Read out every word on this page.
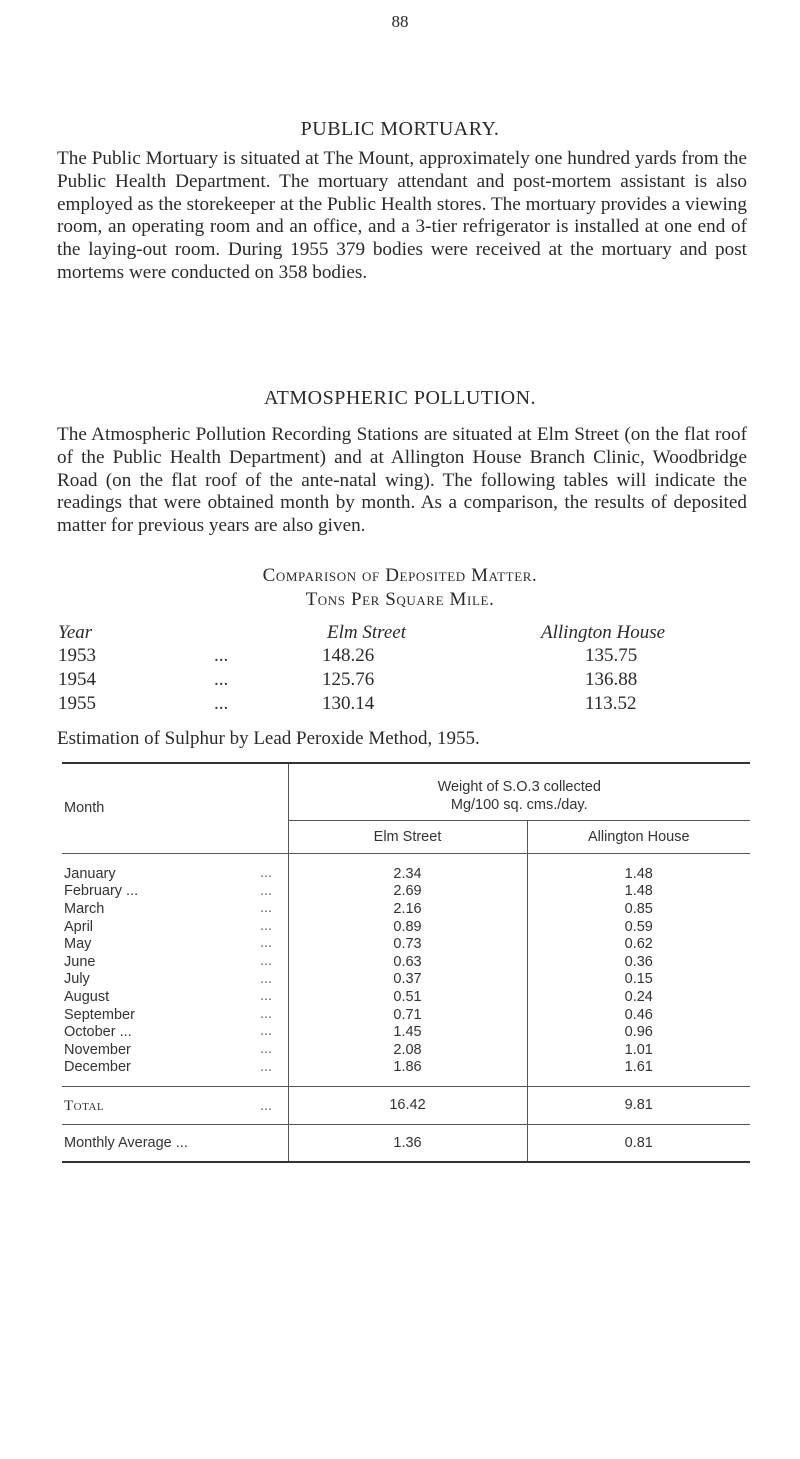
88
PUBLIC MORTUARY.
The Public Mortuary is situated at The Mount, approximately one hundred yards from the Public Health Department. The mortuary attendant and post-mortem assistant is also employed as the storekeeper at the Public Health stores. The mortuary provides a viewing room, an operating room and an office, and a 3-tier refrigerator is installed at one end of the laying-out room. During 1955 379 bodies were received at the mortuary and post mortems were conducted on 358 bodies.
ATMOSPHERIC POLLUTION.
The Atmospheric Pollution Recording Stations are situated at Elm Street (on the flat roof of the Public Health Department) and at Allington House Branch Clinic, Woodbridge Road (on the flat roof of the ante-natal wing). The following tables will indicate the readings that were obtained month by month. As a comparison, the results of deposited matter for previous years are also given.
Comparison of Deposited Matter.
Tons Per Square Mile.
Year	Elm Street	Allington House
1953	...	148.26	135.75
1954	...	125.76	136.88
1955	...	130.14	113.52
Estimation of Sulphur by Lead Peroxide Method, 1955.
Month	Weight of S.O.3 collected
Mg/100 sq. cms./day.	

	Elm Street	Allington House

January ...	2.34	1.48
February ... ...	2.69	1.48
March ...	2.16	0.85
April ...	0.89	0.59
May ...	0.73	0.62
June ...	0.63	0.36
July ...	0.37	0.15
August ...	0.51	0.24
September ...	0.71	0.46
October ... ...	1.45	0.96
November ...	2.08	1.01
December ...	1.86	1.61

Total ...	16.42	9.81
Monthly Average ...	1.36	0.81
